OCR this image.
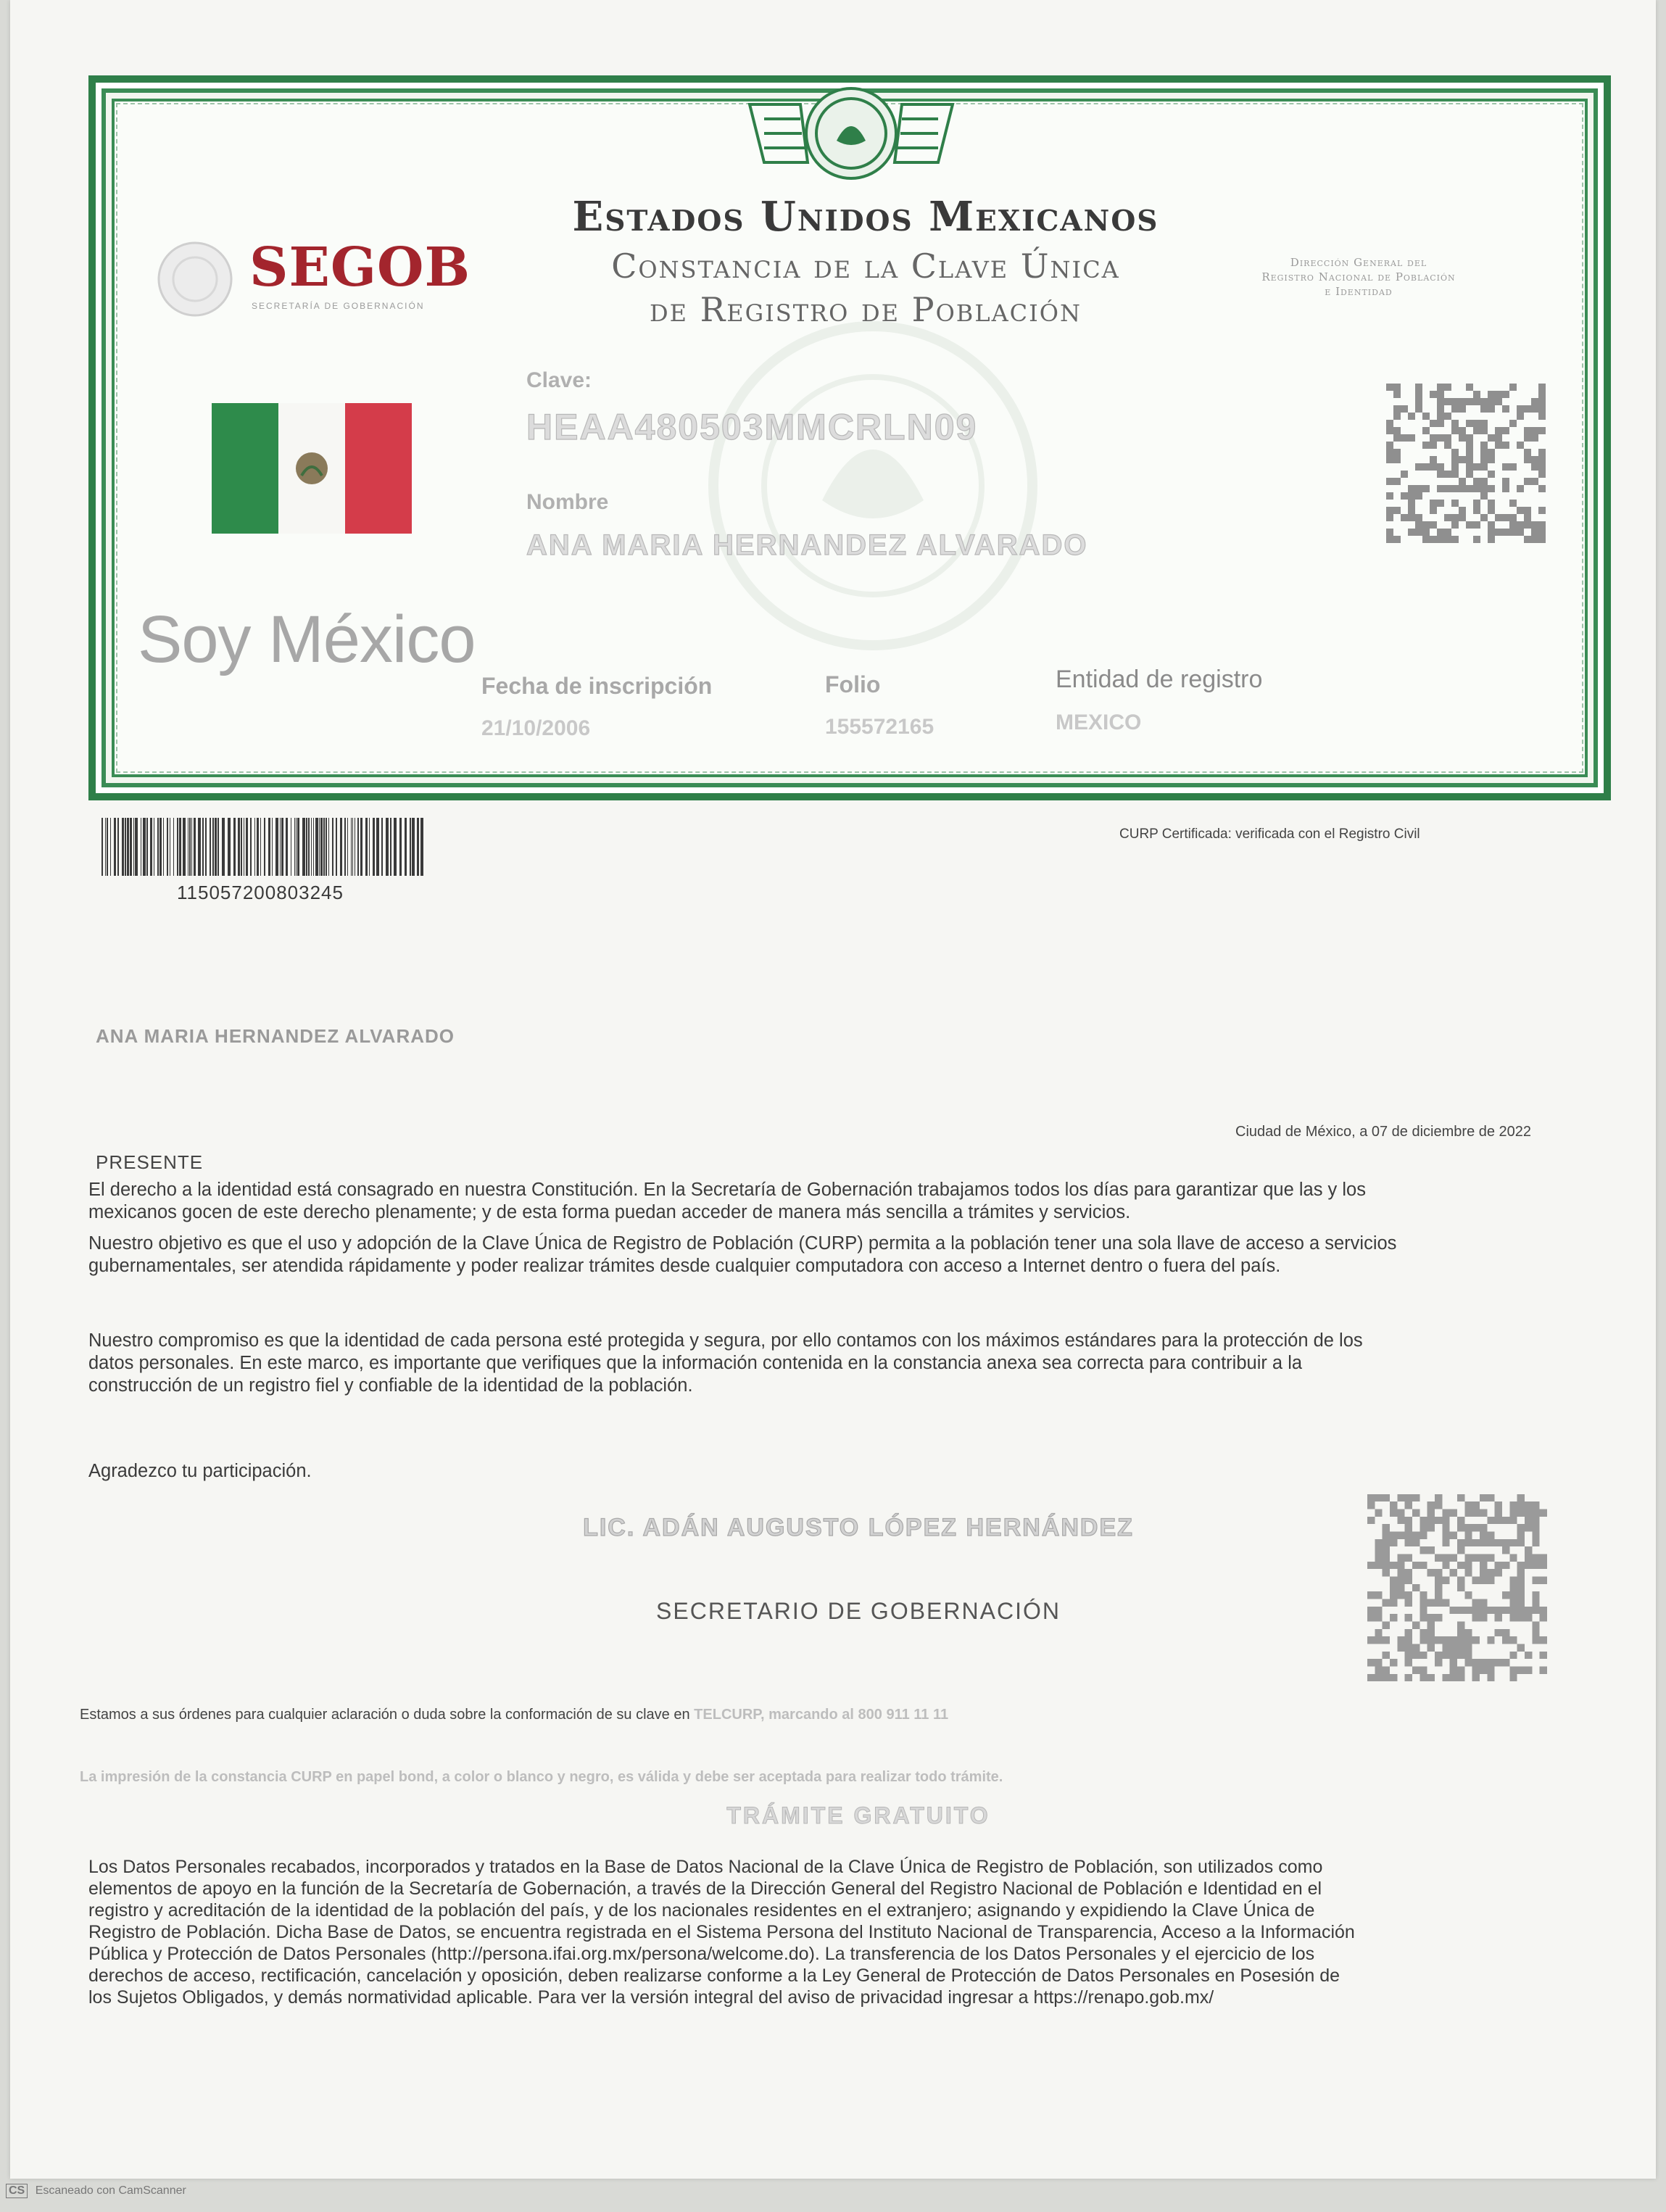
SEGOB
SECRETARÍA DE GOBERNACIÓN
Estados Unidos Mexicanos
Constancia de la Clave Única
de Registro de Población
Dirección General del
Registro Nacional de Población
e Identidad
Soy México
Clave:
HEAA480503MMCRLN09
Nombre
ANA MARIA HERNANDEZ ALVARADO
Fecha de inscripción
21/10/2006
Folio
155572165
Entidad de registro
MEXICO
115057200803245
CURP Certificada: verificada con el Registro Civil
ANA MARIA HERNANDEZ ALVARADO
Ciudad de México, a 07 de diciembre de 2022
PRESENTE
El derecho a la identidad está consagrado en nuestra Constitución. En la Secretaría de Gobernación trabajamos todos los días para garantizar que las y los
mexicanos gocen de este derecho plenamente; y de esta forma puedan acceder de manera más sencilla a trámites y servicios.
Nuestro objetivo es que el uso y adopción de la Clave Única de Registro de Población (CURP) permita a la población tener una sola llave de acceso a servicios
gubernamentales, ser atendida rápidamente y poder realizar trámites desde cualquier computadora con acceso a Internet dentro o fuera del país.
Nuestro compromiso es que la identidad de cada persona esté protegida y segura, por ello contamos con los máximos estándares para la protección de los
datos personales. En este marco, es importante que verifiques que la información contenida en la constancia anexa sea correcta para contribuir a la
construcción de un registro fiel y confiable de la identidad de la población.
Agradezco tu participación.
LIC. ADÁN AUGUSTO LÓPEZ HERNÁNDEZ
SECRETARIO DE GOBERNACIÓN
Estamos a sus órdenes para cualquier aclaración o duda sobre la conformación de su clave en TELCURP, marcando al 800 911 11 11
La impresión de la constancia CURP en papel bond, a color o blanco y negro, es válida y debe ser aceptada para realizar todo trámite.
TRÁMITE GRATUITO
Los Datos Personales recabados, incorporados y tratados en la Base de Datos Nacional de la Clave Única de Registro de Población, son utilizados como
elementos de apoyo en la función de la Secretaría de Gobernación, a través de la Dirección General del Registro Nacional de Población e Identidad en el
registro y acreditación de la identidad de la población del país, y de los nacionales residentes en el extranjero; asignando y expidiendo la Clave Única de
Registro de Población. Dicha Base de Datos, se encuentra registrada en el Sistema Persona del Instituto Nacional de Transparencia, Acceso a la Información
Pública y Protección de Datos Personales (http://persona.ifai.org.mx/persona/welcome.do). La transferencia de los Datos Personales y el ejercicio de los
derechos de acceso, rectificación, cancelación y oposición, deben realizarse conforme a la Ley General de Protección de Datos Personales en Posesión de
los Sujetos Obligados, y demás normatividad aplicable. Para ver la versión integral del aviso de privacidad ingresar a https://renapo.gob.mx/
CS Escaneado con CamScanner
